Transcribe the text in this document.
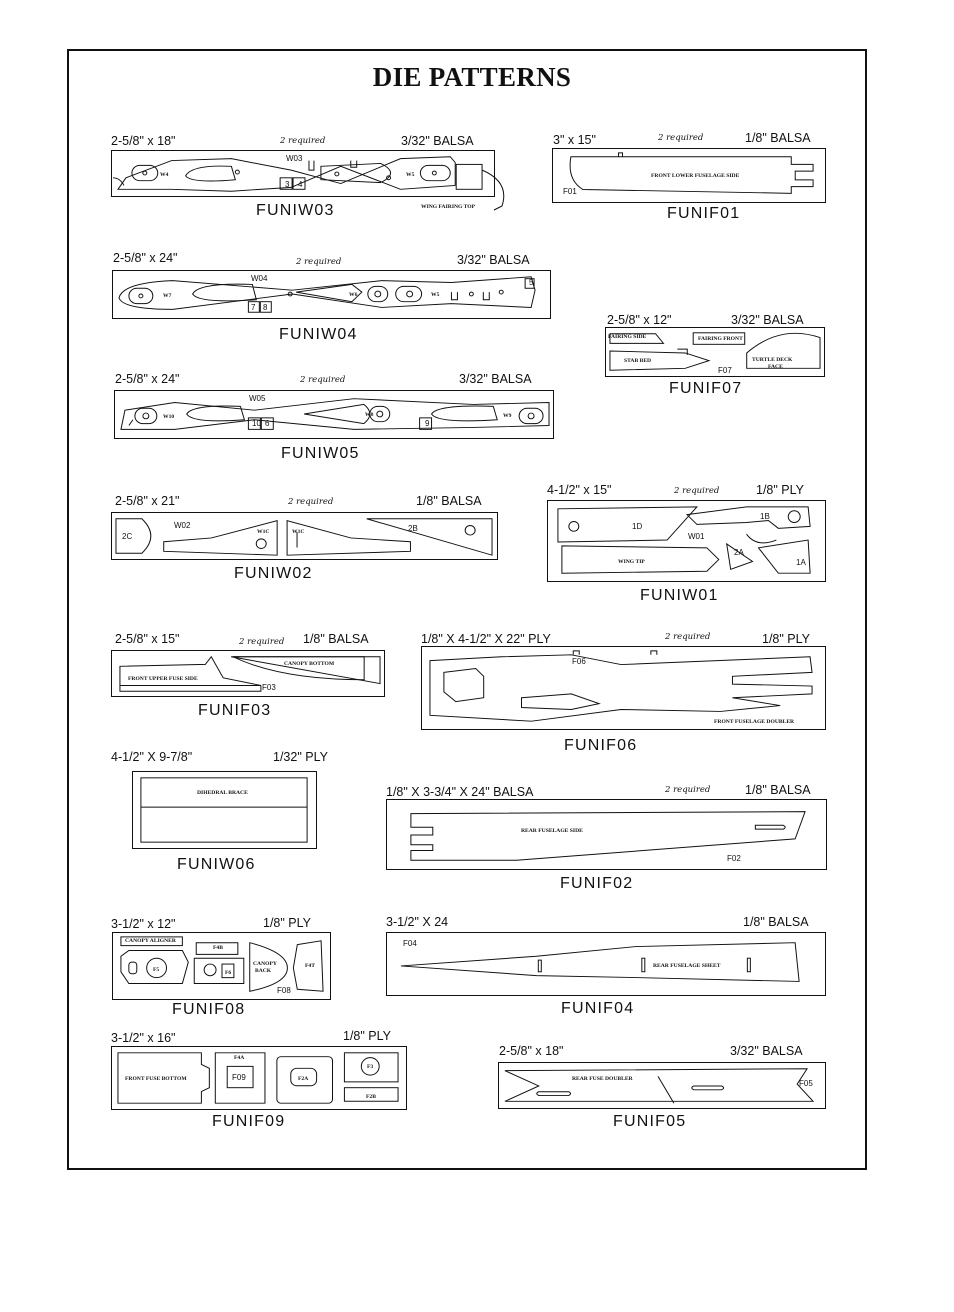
DIE PATTERNS
2-5/8" x 18"	2 required	3/32" BALSA
W4
W03
3 4
W5
WING FAIRING TOP
FUNIW03
3" x 15"	2 required	1/8" BALSA
FRONT LOWER FUSELAGE SIDE
F01
FUNIF01
2-5/8" x 24"	2 required	3/32" BALSA
W04
W7
7 8
W6	W5
5
FUNIW04
2-5/8" x 12"	3/32" BALSA
FAIRING SIDE	FAIRING FRONT
STAB BED
F07
TURTLE DECK
FACE
FUNIF07
2-5/8" x 24"	2 required	3/32" BALSA
W05
W10
10 6
W8
9
W9
FUNIW05
2-5/8" x 21"	2 required	1/8" BALSA
2C
W02
W1C	W1C	2B
FUNIW02
4-1/2" x 15"	2 required	1/8" PLY
1D
1B
W01
WING TIP
2A
1A
FUNIW01
2-5/8" x 15"	2 required 1/8" BALSA
CANOPY BOTTOM
FRONT UPPER FUSE SIDE
F03
FUNIF03
1/8" X 4-1/2" X 22" PLY	2 required	1/8" PLY
F06
FRONT FUSELAGE DOUBLER
FUNIF06
4-1/2" X 9-7/8"	1/32" PLY
DIHEDRAL BRACE
FUNIW06
1/8" X 3-3/4" X 24" BALSA	2 required	1/8" BALSA
REAR FUSELAGE SIDE
F02
FUNIF02
3-1/2" x 12"	1/8" PLY
CANOPY ALIGNER
F4B
F5	F6
CANOPY
BACK
F08
F4T
FUNIF08
3-1/2" X 24	1/8" BALSA
F04
REAR FUSELAGE SHEET
FUNIF04
3-1/2" x 16"	1/8" PLY
FRONT FUSE BOTTOM
F4A
F09	F2A
F3
F2B
FUNIF09
2-5/8" x 18"	3/32" BALSA
REAR FUSE DOUBLER	F05
FUNIF05
